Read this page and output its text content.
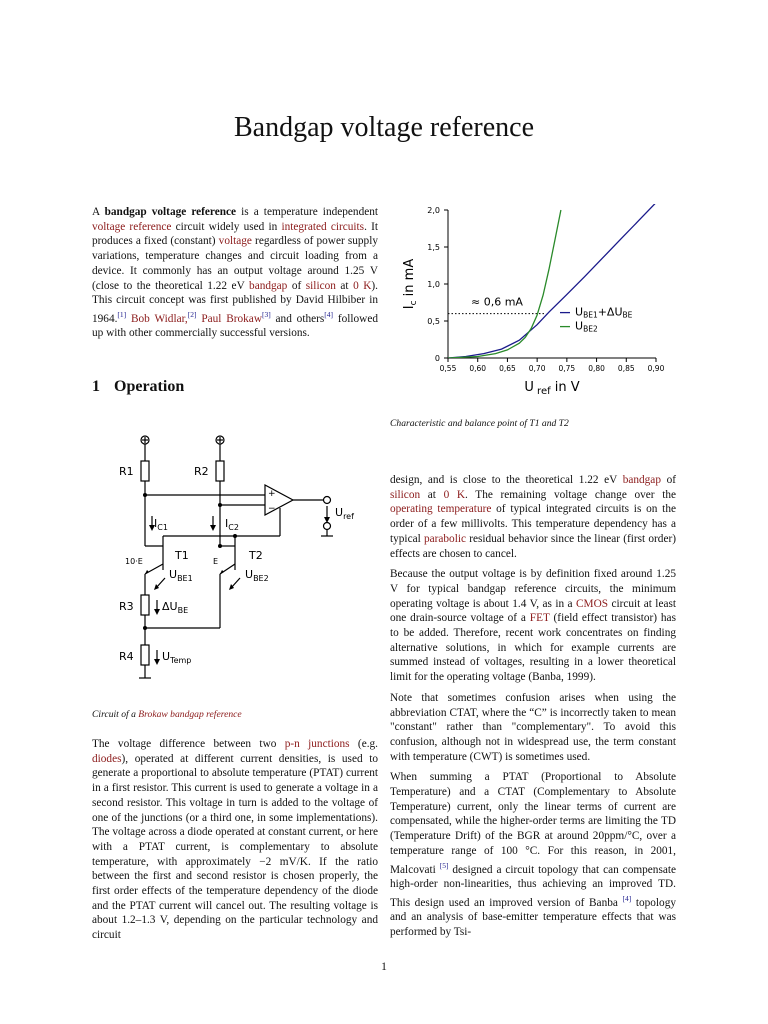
Bandgap voltage reference

A bandgap voltage reference is a temperature independent voltage reference circuit widely used in integrated circuits. It produces a fixed (constant) voltage regardless of power supply variations, temperature changes and circuit loading from a device. It commonly has an output voltage around 1.25 V (close to the theoretical 1.22 eV bandgap of silicon at 0 K). This circuit concept was first published by David Hilbiber in 1964.[1] Bob Widlar,[2] Paul Brokaw[3] and others[4] followed up with other commercially successful versions.

0
0,5
1,0
1,5
2,0
0,55 0,60 0,65 0,70 0,75 0,80 0,85 0,90
≈ 0,6 mA
UBE1+ΔUBE
UBE2
$I_c$ in mA
U $_{ref}$ in V
Characteristic and balance point of T1 and T2
1 Operation
R1	R2
R3
R4
T1	T2
10·E	E
+
−
$I_{C1}$	$I_{C2}$
$U_{BE1}$	$U_{BE2}$
$\Delta U_{BE}$
$U_{Temp}$
$U_{ref}$
Circuit of a Brokaw bandgap reference

The voltage difference between two p-n junctions (e.g. diodes), operated at different current densities, is used to generate a proportional to absolute temperature (PTAT) current in a first resistor. This current is used to generate a voltage in a second resistor. This voltage in turn is added to the voltage of one of the junctions (or a third one, in some implementations). The voltage across a diode operated at constant current, or here with a PTAT current, is complementary to absolute temperature, with approximately −2 mV/K. If the ratio between the first and second resistor is chosen properly, the first order effects of the temperature dependency of the diode and the PTAT current will cancel out. The resulting voltage is about 1.2–1.3 V, depending on the particular technology and circuit

design, and is close to the theoretical 1.22 eV bandgap of silicon at 0 K. The remaining voltage change over the operating temperature of typical integrated circuits is on the order of a few millivolts. This temperature dependency has a typical parabolic residual behavior since the linear (first order) effects are chosen to cancel.

Because the output voltage is by definition fixed around 1.25 V for typical bandgap reference circuits, the minimum operating voltage is about 1.4 V, as in a CMOS circuit at least one drain-source voltage of a FET (field effect transistor) has to be added. Therefore, recent work concentrates on finding alternative solutions, in which for example currents are summed instead of voltages, resulting in a lower theoretical limit for the operating voltage (Banba, 1999).

Note that sometimes confusion arises when using the abbreviation CTAT, where the “C” is incorrectly taken to mean "constant" rather than "complementary". To avoid this confusion, although not in widespread use, the term constant with temperature (CWT) is sometimes used.

When summing a PTAT (Proportional to Absolute Temperature) and a CTAT (Complementary to Absolute Temperature) current, only the linear terms of current are compensated, while the higher-order terms are limiting the TD (Temperature Drift) of the BGR at around 20ppm/°C, over a temperature range of 100 °C. For this reason, in 2001, Malcovati [5] designed a circuit topology that can compensate high-order non-linearities, thus achieving an improved TD. This design used an improved version of Banba [4] topology and an analysis of base-emitter temperature effects that was performed by Tsi-

1
